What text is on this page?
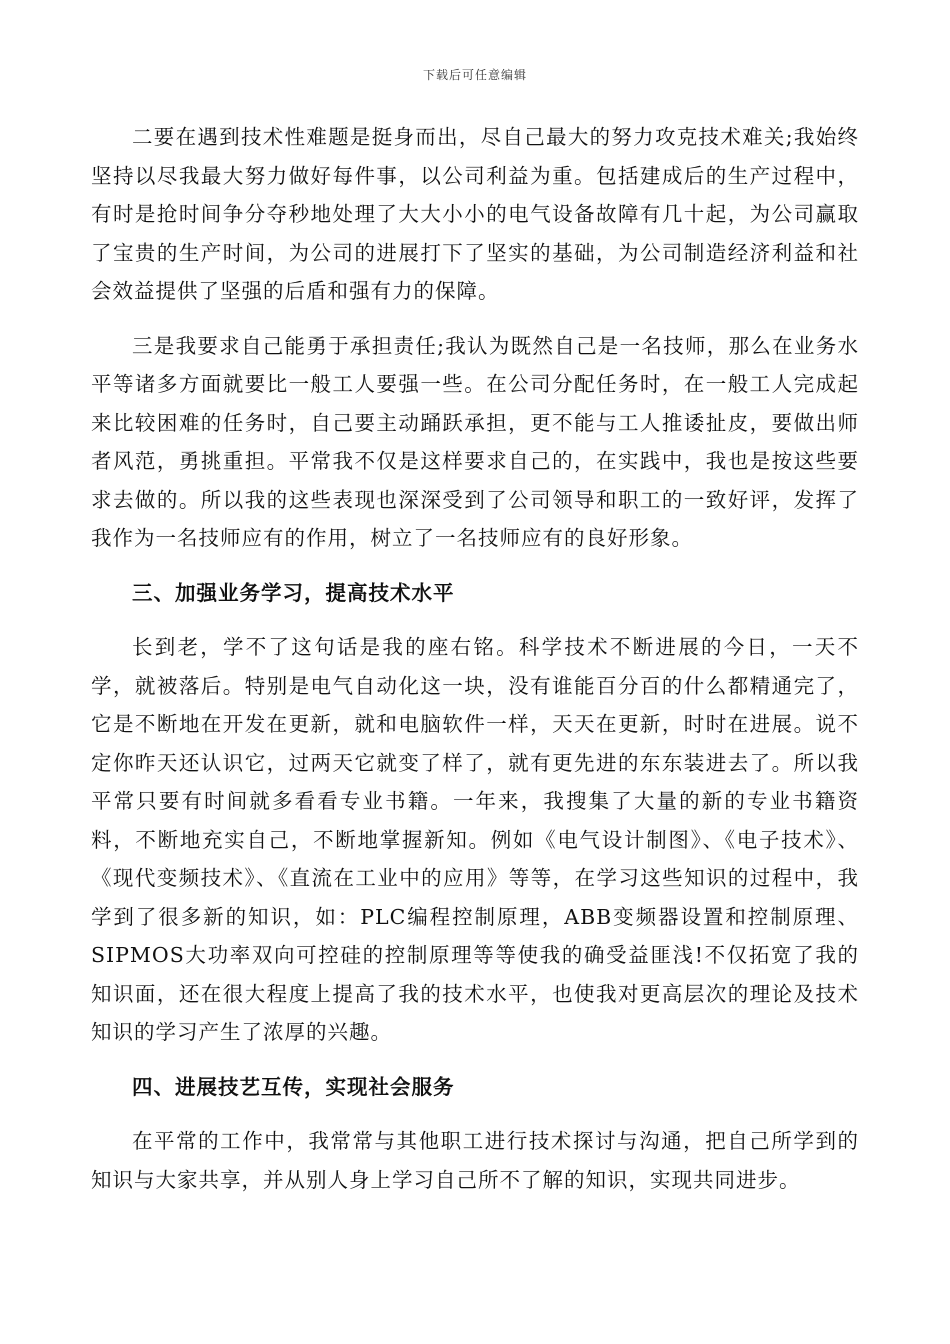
下载后可任意编辑

二要在遇到技术性难题是挺身而出，尽自己最大的努力攻克技术难关;我始终坚持以尽我最大努力做好每件事，以公司利益为重。包括建成后的生产过程中，有时是抢时间争分夺秒地处理了大大小小的电气设备故障有几十起，为公司赢取了宝贵的生产时间，为公司的进展打下了坚实的基础，为公司制造经济利益和社会效益提供了坚强的后盾和强有力的保障。

三是我要求自己能勇于承担责任;我认为既然自己是一名技师，那么在业务水平等诸多方面就要比一般工人要强一些。在公司分配任务时，在一般工人完成起来比较困难的任务时，自己要主动踊跃承担，更不能与工人推诿扯皮，要做出师者风范，勇挑重担。平常我不仅是这样要求自己的，在实践中，我也是按这些要求去做的。所以我的这些表现也深深受到了公司领导和职工的一致好评，发挥了我作为一名技师应有的作用，树立了一名技师应有的良好形象。

三、加强业务学习，提高技术水平

长到老，学不了这句话是我的座右铭。科学技术不断进展的今日，一天不学，就被落后。特别是电气自动化这一块，没有谁能百分百的什么都精通完了，它是不断地在开发在更新，就和电脑软件一样，天天在更新，时时在进展。说不定你昨天还认识它，过两天它就变了样了，就有更先进的东东装进去了。所以我平常只要有时间就多看看专业书籍。一年来，我搜集了大量的新的专业书籍资料，不断地充实自己，不断地掌握新知。例如《电气设计制图》、《电子技术》、《现代变频技术》、《直流在工业中的应用》等等，在学习这些知识的过程中，我学到了很多新的知识，如：PLC编程控制原理，ABB变频器设置和控制原理、SIPMOS大功率双向可控硅的控制原理等等使我的确受益匪浅!不仅拓宽了我的知识面，还在很大程度上提高了我的技术水平，也使我对更高层次的理论及技术知识的学习产生了浓厚的兴趣。

四、进展技艺互传，实现社会服务

在平常的工作中，我常常与其他职工进行技术探讨与沟通，把自己所学到的知识与大家共享，并从别人身上学习自己所不了解的知识，实现共同进步。
